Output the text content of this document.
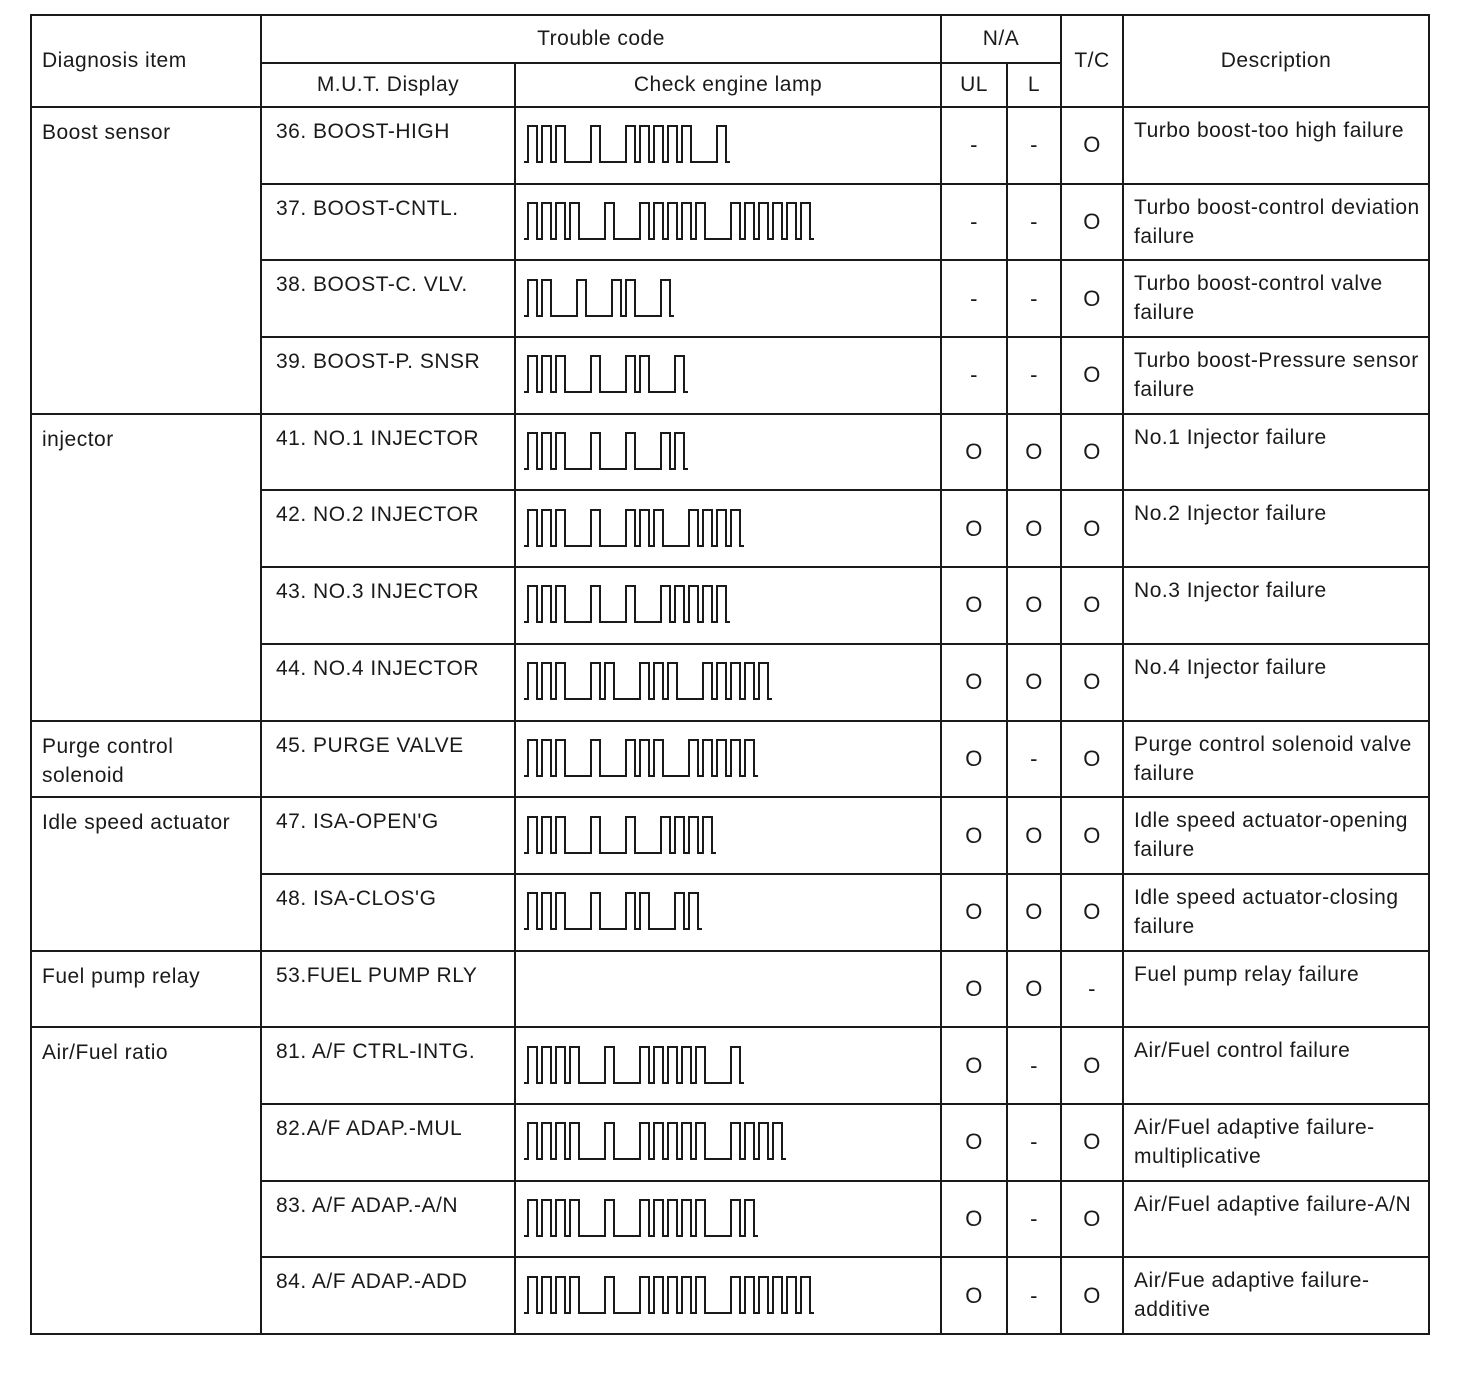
Diagnosis item	Trouble code		N/A		T/C	Description
	M.U.T. Display	Check engine lamp	UL	L		
Boost sensor	36. BOOST-HIGH		-	-	O	Turbo boost-too high failure
	37. BOOST-CNTL.		-	-	O	Turbo boost-control deviation failure
	38. BOOST-C. VLV.		-	-	O	Turbo boost-control valve failure
	39. BOOST-P. SNSR		-	-	O	Turbo boost-Pressure sensor failure
injector	41. NO.1 INJECTOR		O	O	O	No.1 Injector failure
	42. NO.2 INJECTOR		O	O	O	No.2 Injector failure
	43. NO.3 INJECTOR		O	O	O	No.3 Injector failure
	44. NO.4 INJECTOR		O	O	O	No.4 Injector failure
Purge control solenoid	45. PURGE VALVE		O	-	O	Purge control solenoid valve failure
Idle speed actuator	47. ISA-OPEN'G		O	O	O	Idle speed actuator-opening failure
	48. ISA-CLOS'G		O	O	O	Idle speed actuator-closing failure
Fuel pump relay	53.FUEL PUMP RLY		O	O	-	Fuel pump relay failure
Air/Fuel ratio	81. A/F CTRL-INTG.		O	-	O	Air/Fuel control failure
	82.A/F ADAP.-MUL		O	-	O	Air/Fuel adaptive failure-multiplicative
	83. A/F ADAP.-A/N		O	-	O	Air/Fuel adaptive failure-A/N
	84. A/F ADAP.-ADD		O	-	O	Air/Fue adaptive failure-additive
